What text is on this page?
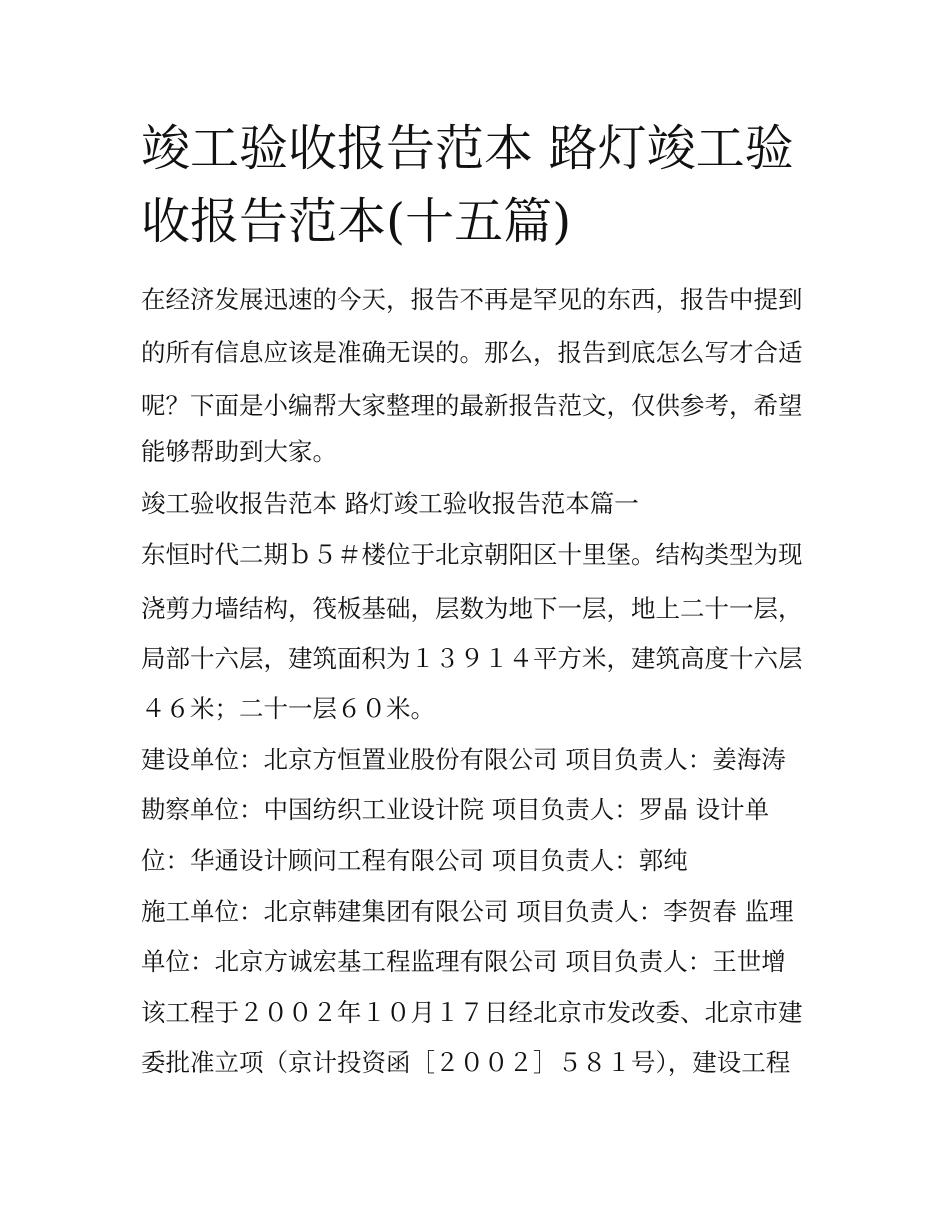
竣工验收报告范本 路灯竣工验
收报告范本(十五篇)

在经济发展迅速的今天，报告不再是罕见的东西，报告中提到

的所有信息应该是准确无误的。那么，报告到底怎么写才合适

呢？下面是小编帮大家整理的最新报告范文，仅供参考，希望

能够帮助到大家。

竣工验收报告范本 路灯竣工验收报告范本篇一

东恒时代二期ｂ５＃楼位于北京朝阳区十里堡。结构类型为现

浇剪力墙结构，筏板基础，层数为地下一层，地上二十一层，

局部十六层，建筑面积为１３９１４平方米，建筑高度十六层

４６米；二十一层６０米。

建设单位：北京方恒置业股份有限公司 项目负责人：姜海涛

勘察单位：中国纺织工业设计院 项目负责人：罗晶 设计单

位：华通设计顾问工程有限公司 项目负责人：郭纯

施工单位：北京韩建集团有限公司 项目负责人：李贺春 监理

单位：北京方诚宏基工程监理有限公司 项目负责人：王世增

该工程于２００２年１０月１７日经北京市发改委、北京市建

委批准立项（京计投资函［２００２］５８１号），建设工程
